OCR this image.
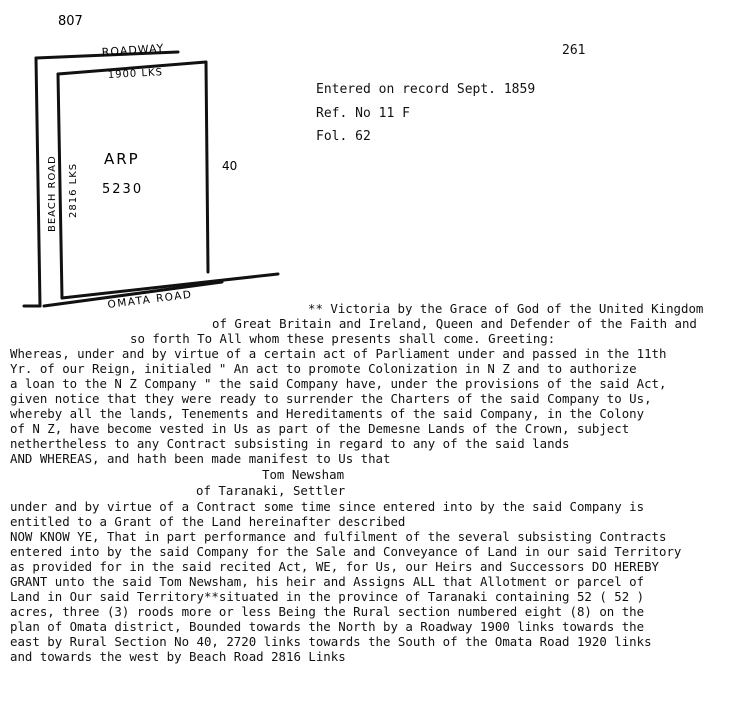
807
ROADWAY
1900 LKS
ARP
5230
40
BEACH ROAD 2816 LKS
OMATA ROAD
261
Entered on record Sept. 1859
Ref. No 11 F
Fol. 62
** Victoria by the Grace of God of the United Kingdom
of Great Britain and Ireland, Queen and Defender of the Faith and
so forth To All whom these presents shall come. Greeting:
Whereas, under and by virtue of a certain act of Parliament under and passed in the 11th
Yr. of our Reign, initialed " An act to promote Colonization in N Z and to authorize
a loan to the N Z Company " the said Company have, under the provisions of the said Act,
given notice that they were ready to surrender the Charters of the said Company to Us,
whereby all the lands, Tenements and Hereditaments of the said Company, in the Colony
of N Z, have become vested in Us as part of the Demesne Lands of the Crown, subject
nethertheless to any Contract subsisting in regard to any of the said lands
AND WHEREAS, and hath been made manifest to Us that
Tom Newsham
of Taranaki, Settler
under and by virtue of a Contract some time since entered into by the said Company is
entitled to a Grant of the Land hereinafter described
NOW KNOW YE, That in part performance and fulfilment of the several subsisting Contracts
entered into by the said Company for the Sale and Conveyance of Land in our said Territory
as provided for in the said recited Act, WE, for Us, our Heirs and Successors DO HEREBY
GRANT unto the said Tom Newsham, his heir and Assigns ALL that Allotment or parcel of
Land in Our said Territory**situated in the province of Taranaki containing 52 ( 52 )
acres, three (3) roods more or less Being the Rural section numbered eight (8) on the
plan of Omata district, Bounded towards the North by a Roadway 1900 links towards the
east by Rural Section No 40, 2720 links towards the South of the Omata Road 1920 links
and towards the west by Beach Road 2816 Links
